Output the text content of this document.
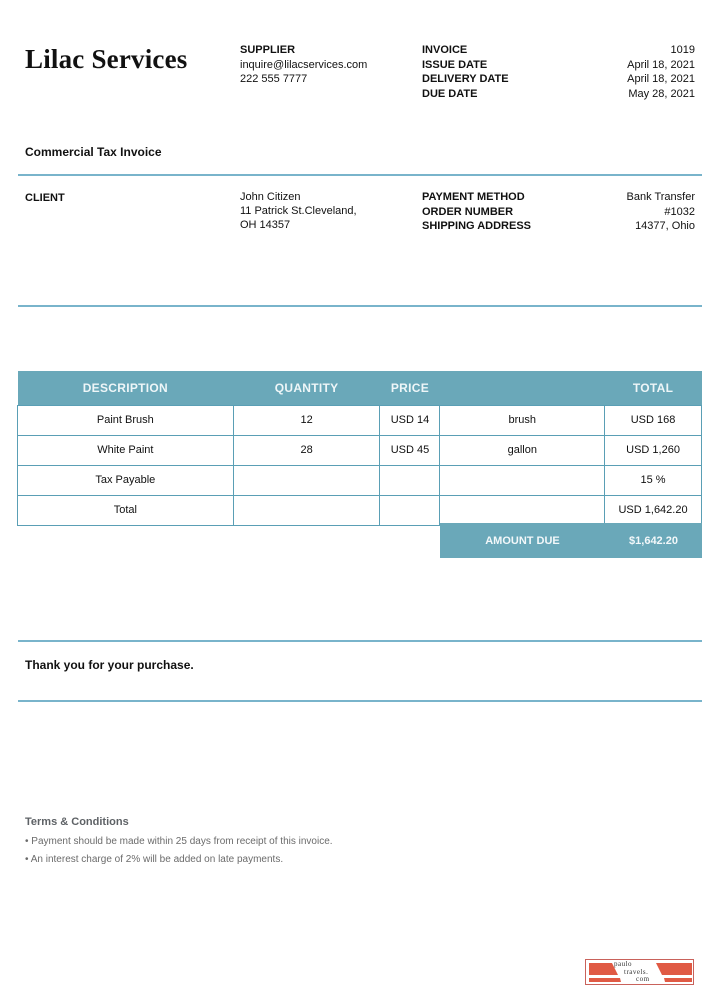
Lilac Services	SUPPLIER
inquire@lilacservices.com
222 555 7777
INVOICE	1019
ISSUE DATE	April 18, 2021
DELIVERY DATE	April 18, 2021
DUE DATE	May 28, 2021
Commercial Tax Invoice
CLIENT	John Citizen
11 Patrick St.Cleveland,
OH 14357
PAYMENT METHOD	Bank Transfer
ORDER NUMBER	#1032
SHIPPING ADDRESS	14377, Ohio
DESCRIPTION	QUANTITY	PRICE		TOTAL
Paint Brush	12	USD 14	brush	USD 168
White Paint	28	USD 45	gallon	USD 1,260
Tax Payable				15 %
Total				USD 1,642.20
AMOUNT DUE	$1,642.20
Thank you for your purchase.
Terms & Conditions
• Payment should be made within 25 days from receipt of this invoice.
• An interest charge of 2% will be added on late payments.
paulo
travels.
com
